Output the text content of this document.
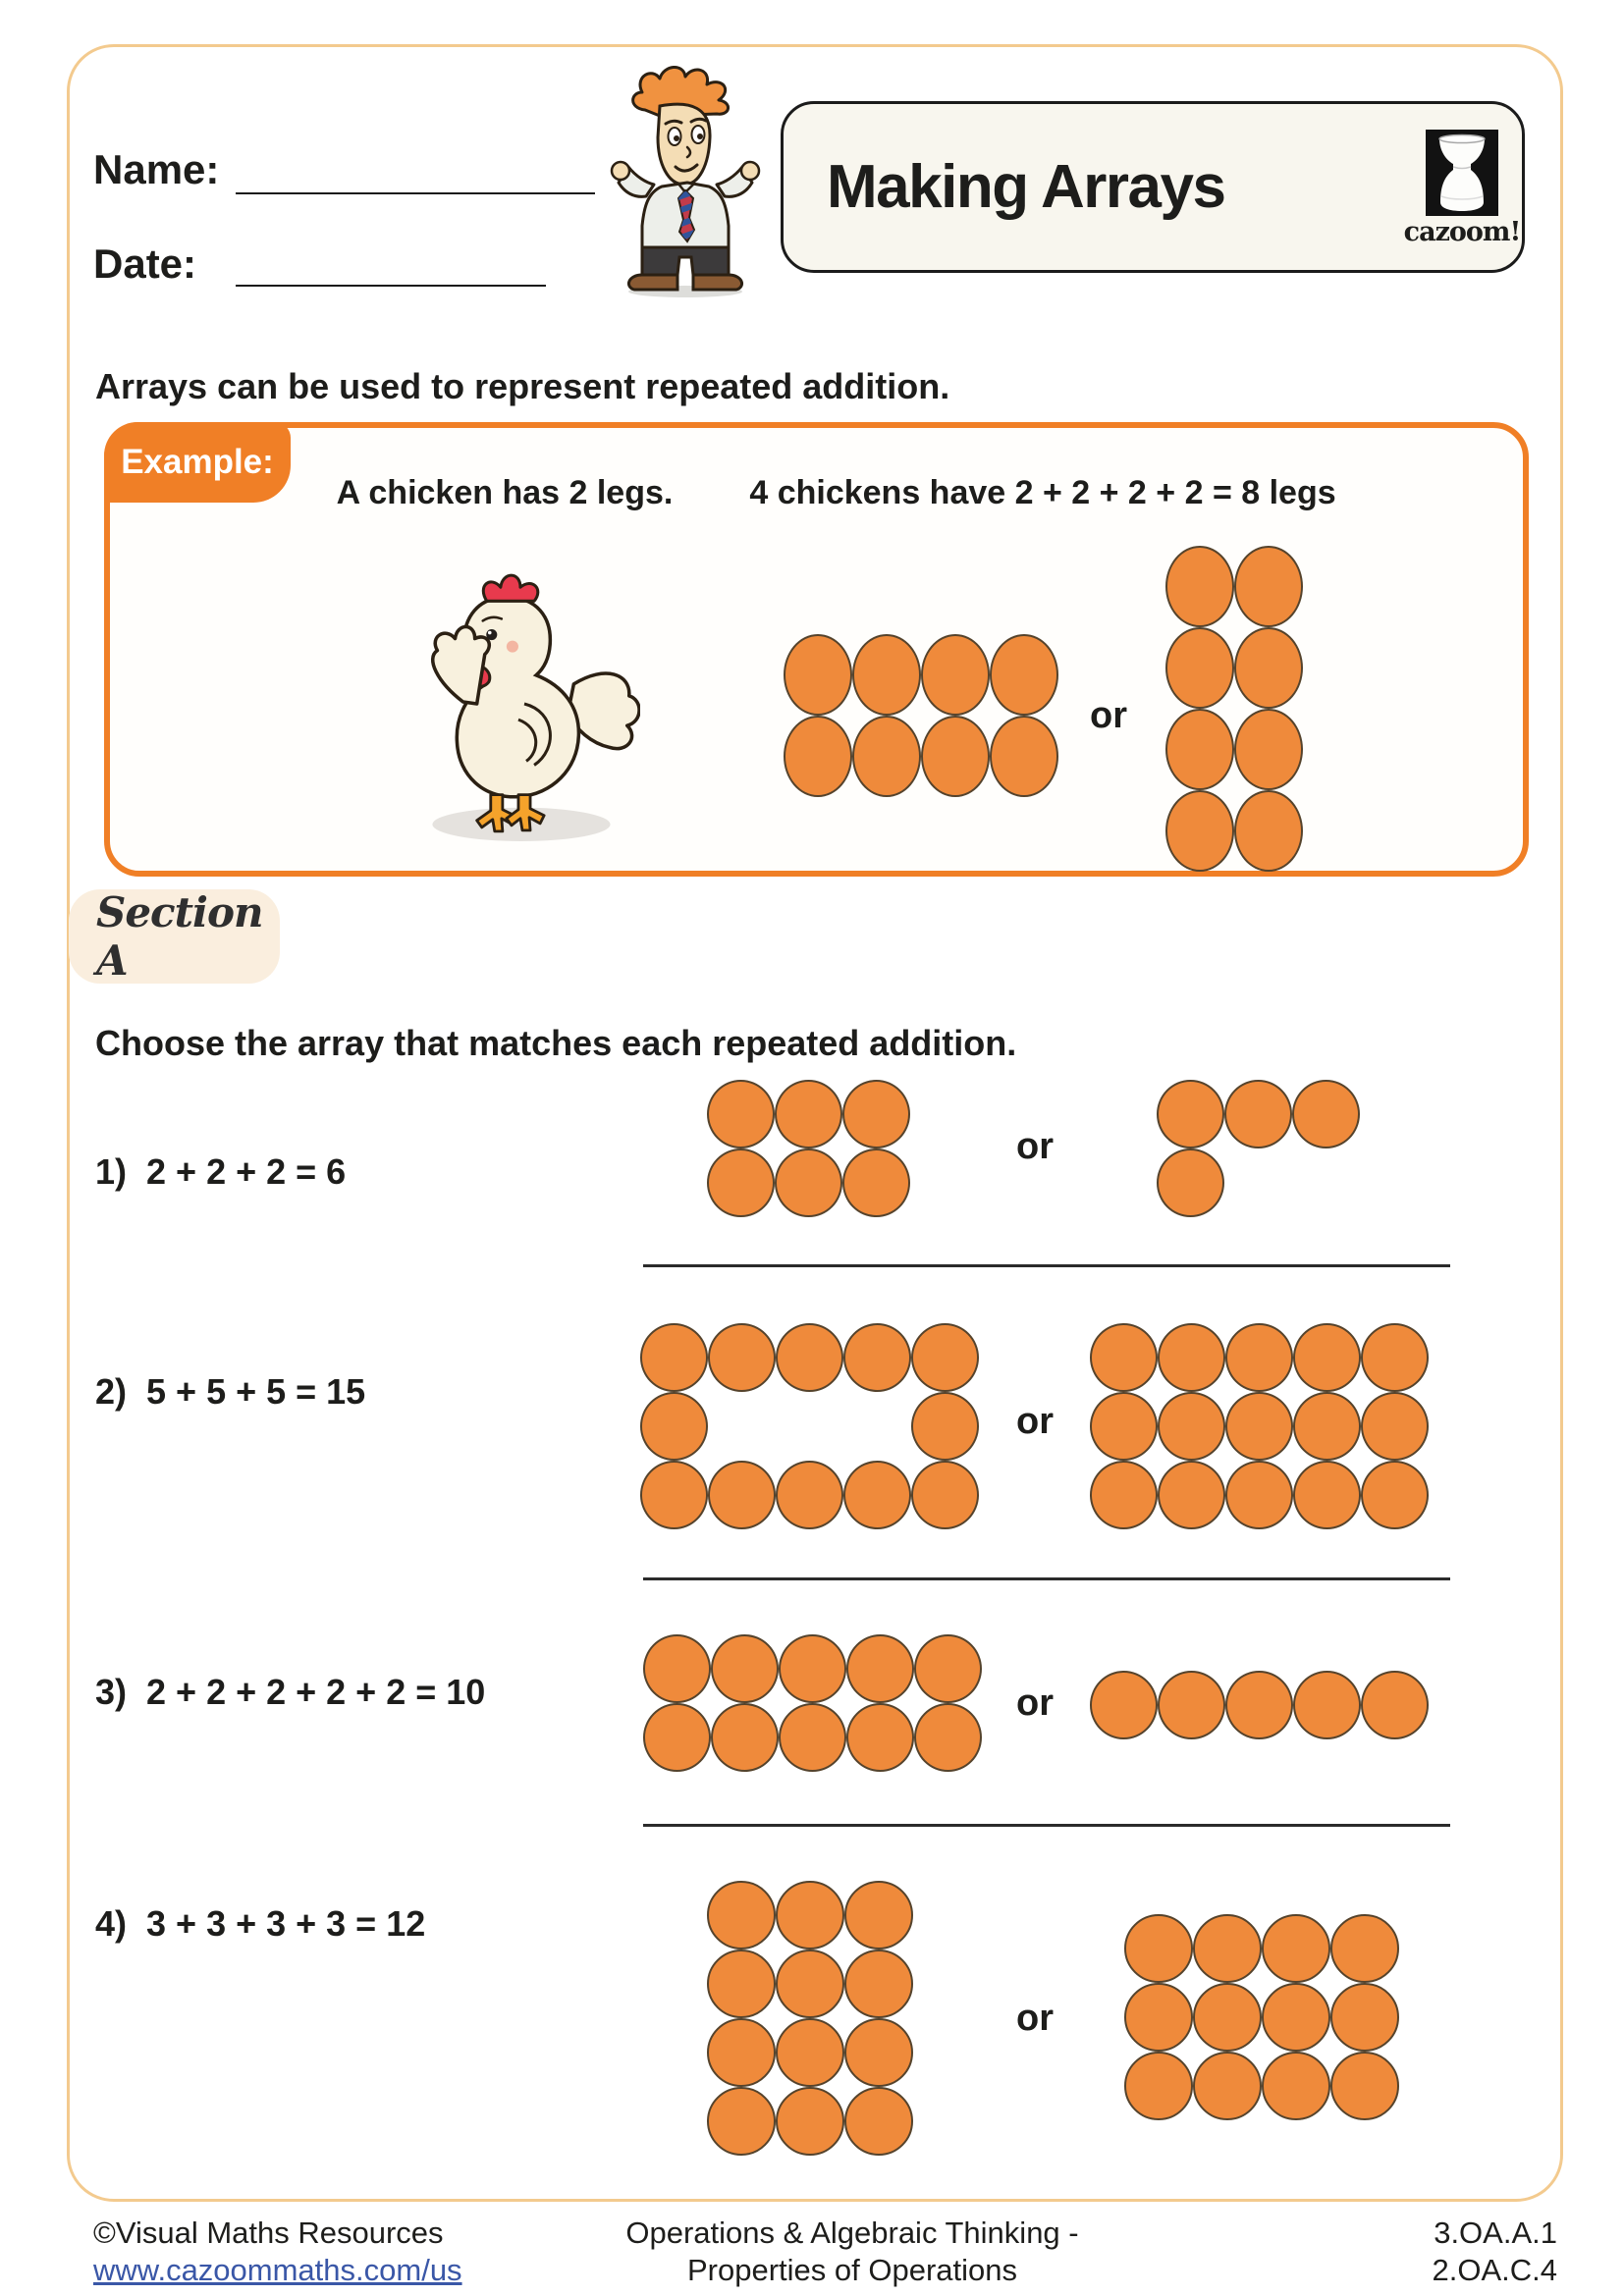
Name:
Date:
Making Arrays
cazoom!
Arrays can be used to represent repeated addition.
Example:
A chicken has 2 legs.	4 chickens have 2 + 2 + 2 + 2 = 8 legs
or
Section A
Choose the array that matches each repeated addition.
1) 2 + 2 + 2 = 6
or
2) 5 + 5 + 5 = 15
or
3) 2 + 2 + 2 + 2 + 2 = 10	or
4) 3 + 3 + 3 + 3 = 12
or
©Visual Maths Resources
www.cazoommaths.com/us
Operations & Algebraic Thinking -
Properties of Operations
3.OA.A.1
2.OA.C.4
